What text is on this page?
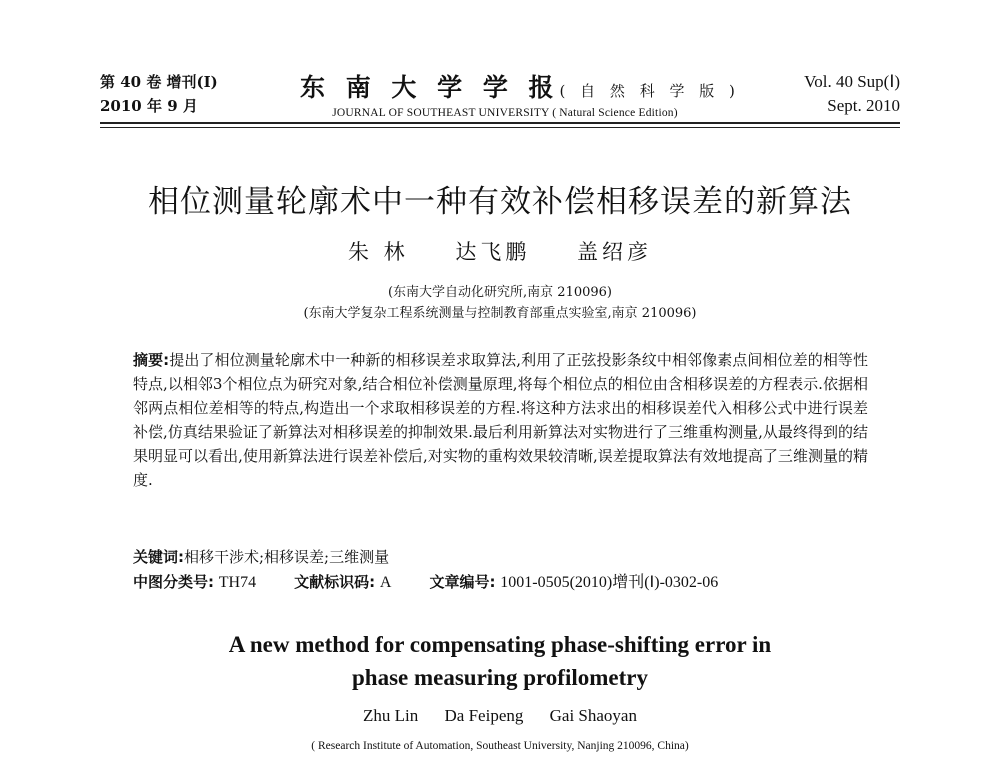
第 40 卷 增刊(Ⅰ)
2010 年 9 月
东 南 大 学 学 报( 自 然 科 学 版 )
JOURNAL OF SOUTHEAST UNIVERSITY ( Natural Science Edition)
Vol. 40 Sup(Ⅰ)
Sept. 2010
相位测量轮廓术中一种有效补偿相移误差的新算法
朱 林 达飞鹏 盖绍彦
(东南大学自动化研究所,南京 210096)
(东南大学复杂工程系统测量与控制教育部重点实验室,南京 210096)
摘要:提出了相位测量轮廓术中一种新的相移误差求取算法,利用了正弦投影条纹中相邻像素点间相位差的相等性特点,以相邻3个相位点为研究对象,结合相位补偿测量原理,将每个相位点的相位由含相移误差的方程表示.依据相邻两点相位差相等的特点,构造出一个求取相移误差的方程.将这种方法求出的相移误差代入相移公式中进行误差补偿,仿真结果验证了新算法对相移误差的抑制效果.最后利用新算法对实物进行了三维重构测量,从最终得到的结果明显可以看出,使用新算法进行误差补偿后,对实物的重构效果较清晰,误差提取算法有效地提高了三维测量的精度.
关键词:相移干涉术;相移误差;三维测量
中图分类号: TH74	文献标识码: A	文章编号: 1001-0505(2010)增刊(Ⅰ)-0302-06
A new method for compensating phase-shifting error in
phase measuring profilometry
Zhu Lin Da Feipeng Gai Shaoyan
( Research Institute of Automation, Southeast University, Nanjing 210096, China)
